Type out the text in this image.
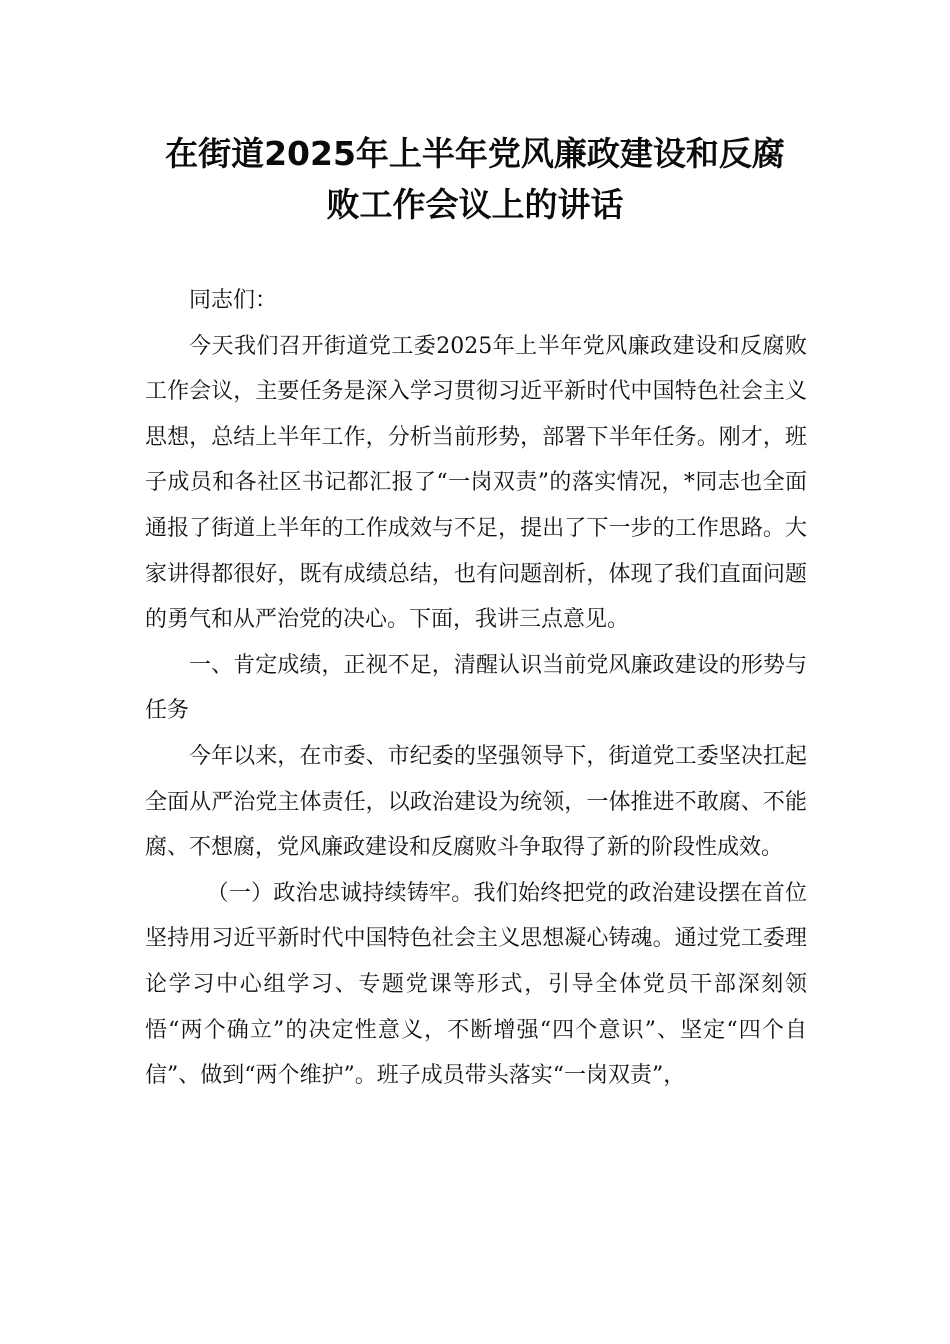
在街道2025年上半年党风廉政建设和反腐
败工作会议上的讲话

同志们：

今天我们召开街道党工委2025年上半年党风廉政建设和反腐败工作会议，主要任务是深入学习贯彻习近平新时代中国特色社会主义思想，总结上半年工作，分析当前形势，部署下半年任务。刚才，班子成员和各社区书记都汇报了“一岗双责”的落实情况，*同志也全面通报了街道上半年的工作成效与不足，提出了下一步的工作思路。大家讲得都很好，既有成绩总结，也有问题剖析，体现了我们直面问题的勇气和从严治党的决心。下面，我讲三点意见。

一、肯定成绩，正视不足，清醒认识当前党风廉政建设的形势与任务

今年以来，在市委、市纪委的坚强领导下，街道党工委坚决扛起全面从严治党主体责任，以政治建设为统领，一体推进不敢腐、不能腐、不想腐，党风廉政建设和反腐败斗争取得了新的阶段性成效。

（一）政治忠诚持续铸牢。我们始终把党的政治建设摆在首位坚持用习近平新时代中国特色社会主义思想凝心铸魂。通过党工委理论学习中心组学习、专题党课等形式，引导全体党员干部深刻领悟“两个确立”的决定性意义，不断增强“四个意识”、坚定“四个自信”、做到“两个维护”。班子成员带头落实“一岗双责”，
